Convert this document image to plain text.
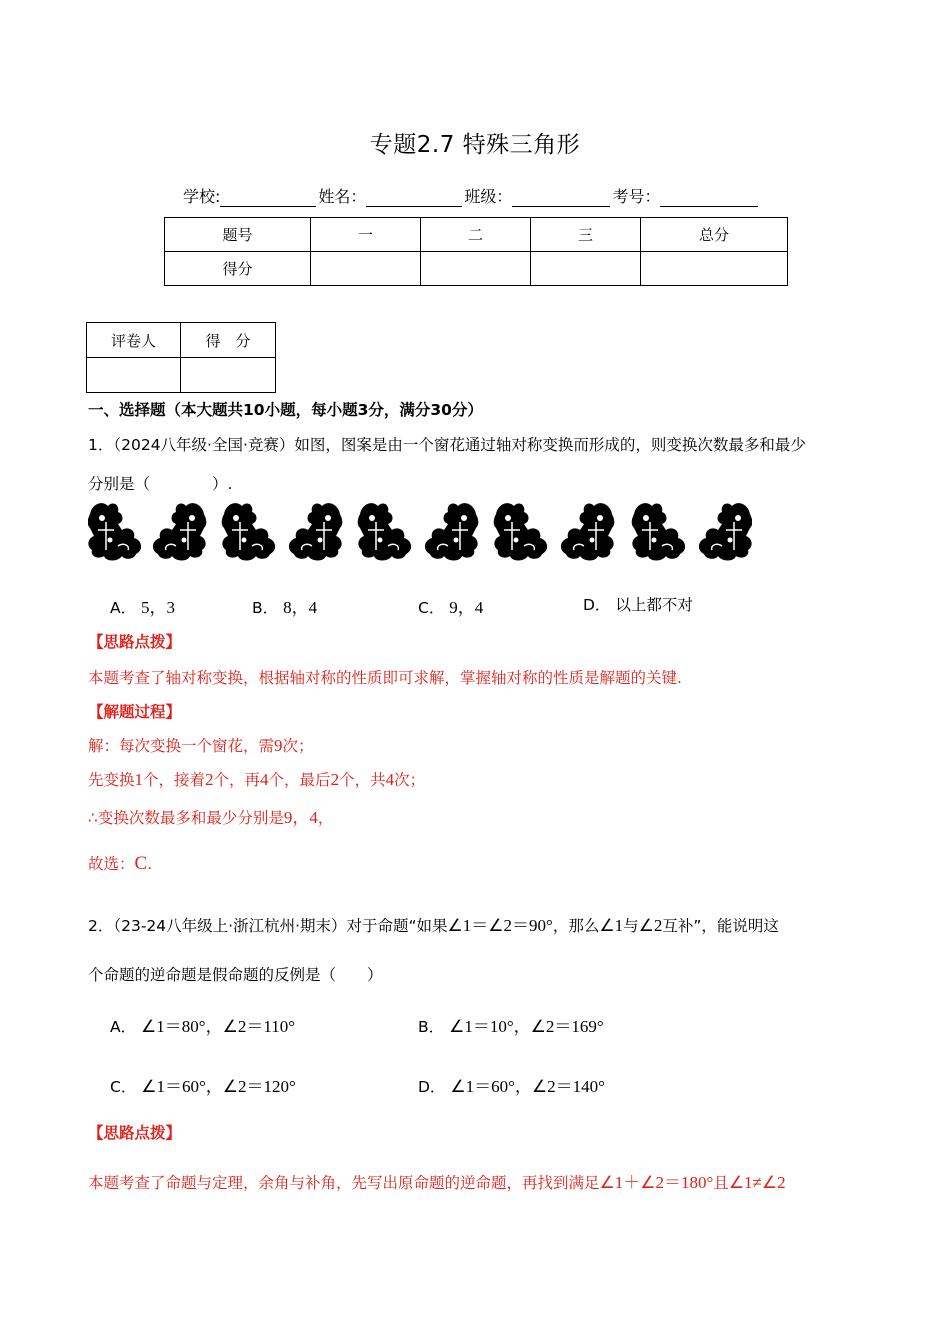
专题2.7 特殊三角形
学校:	姓名：	班级：	考号：
题号	一	二	三	总分
得分				
评卷人	得　分

一、选择题（本大题共10小题，每小题3分，满分30分）
1．（2024八年级·全国·竞赛）如图，图案是由一个窗花通过轴对称变换而形成的，则变换次数最多和最少
分别是（　　　　）.
A． 5，3	B． 8，4	C． 9，4	D． 以上都不对
【思路点拨】
本题考查了轴对称变换，根据轴对称的性质即可求解，掌握轴对称的性质是解题的关键.
【解题过程】
解：每次变换一个窗花，需9次；
先变换1个，接着2个，再4个，最后2个，共4次；
∴变换次数最多和最少分别是9，4，
故选：C.
2．（23-24八年级上·浙江杭州·期末）对于命题“如果∠1＝∠2＝90°，那么∠1与∠2互补”，能说明这
个命题的逆命题是假命题的反例是（　　）
A． ∠1＝80°，∠2＝110°	B． ∠1＝10°，∠2＝169°
C． ∠1＝60°，∠2＝120°	D． ∠1＝60°，∠2＝140°
【思路点拨】
本题考查了命题与定理，余角与补角，先写出原命题的逆命题，再找到满足∠1＋∠2＝180°且∠1≠∠2
